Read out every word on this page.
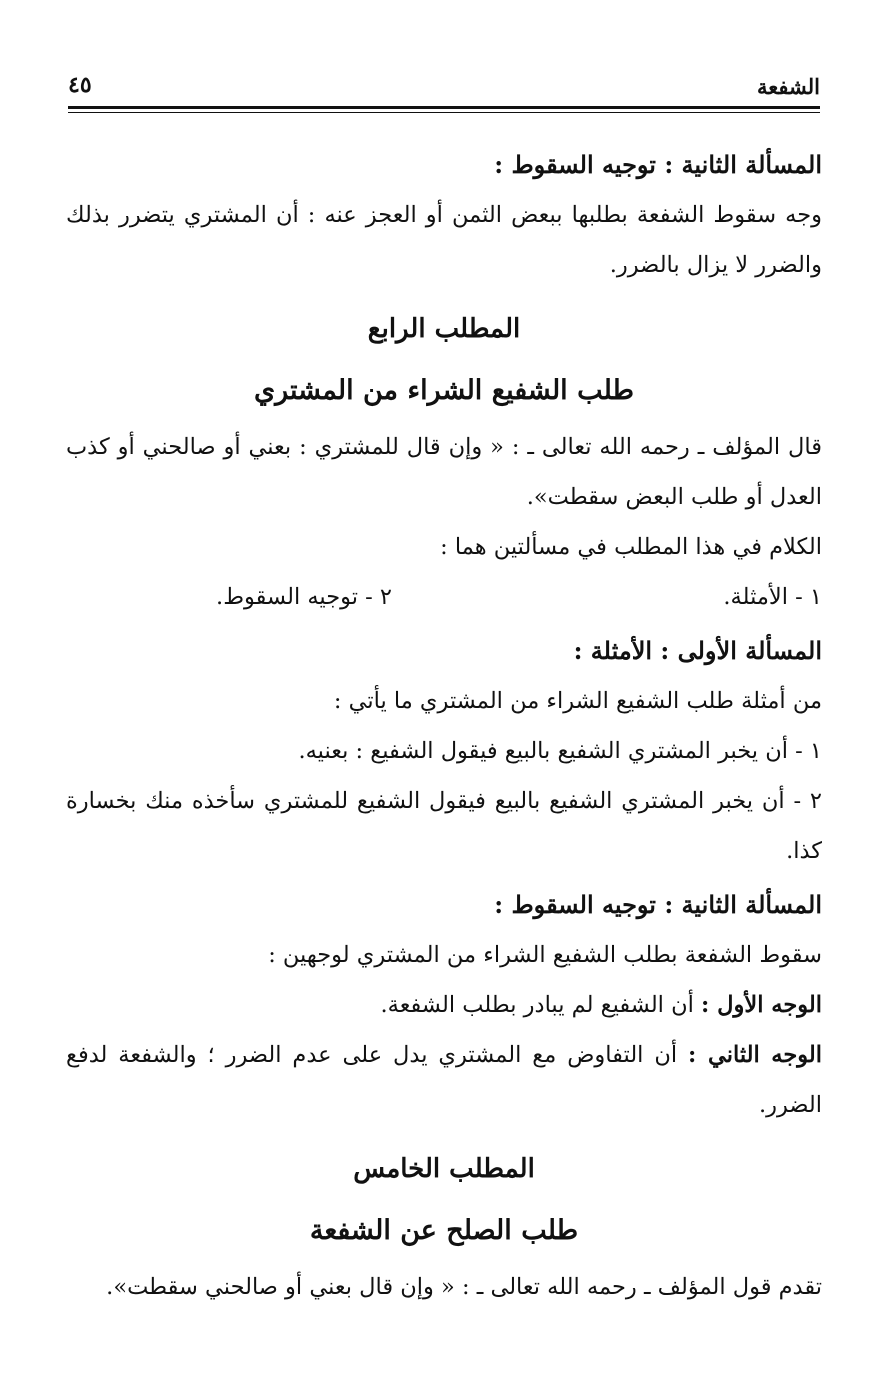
الشفعة
٤٥

المسألة الثانية : توجيه السقوط :

وجه سقوط الشفعة بطلبها ببعض الثمن أو العجز عنه : أن المشتري يتضرر بذلك والضرر لا يزال بالضرر.

المطلب الرابع

طلب الشفيع الشراء من المشتري

قال المؤلف ـ رحمه الله تعالى ـ : « وإن قال للمشتري : بعني أو صالحني أو كذب العدل أو طلب البعض سقطت».

الكلام في هذا المطلب في مسألتين هما :

١ - الأمثلة.
٢ - توجيه السقوط.

المسألة الأولى : الأمثلة :

من أمثلة طلب الشفيع الشراء من المشتري ما يأتي :

١ - أن يخبر المشتري الشفيع بالبيع فيقول الشفيع : بعنيه.

٢ - أن يخبر المشتري الشفيع بالبيع فيقول الشفيع للمشتري سأخذه منك بخسارة كذا.

المسألة الثانية : توجيه السقوط :

سقوط الشفعة بطلب الشفيع الشراء من المشتري لوجهين :

الوجه الأول : أن الشفيع لم يبادر بطلب الشفعة.

الوجه الثاني : أن التفاوض مع المشتري يدل على عدم الضرر ؛ والشفعة لدفع الضرر.

المطلب الخامس

طلب الصلح عن الشفعة

تقدم قول المؤلف ـ رحمه الله تعالى ـ : « وإن قال بعني أو صالحني سقطت».
